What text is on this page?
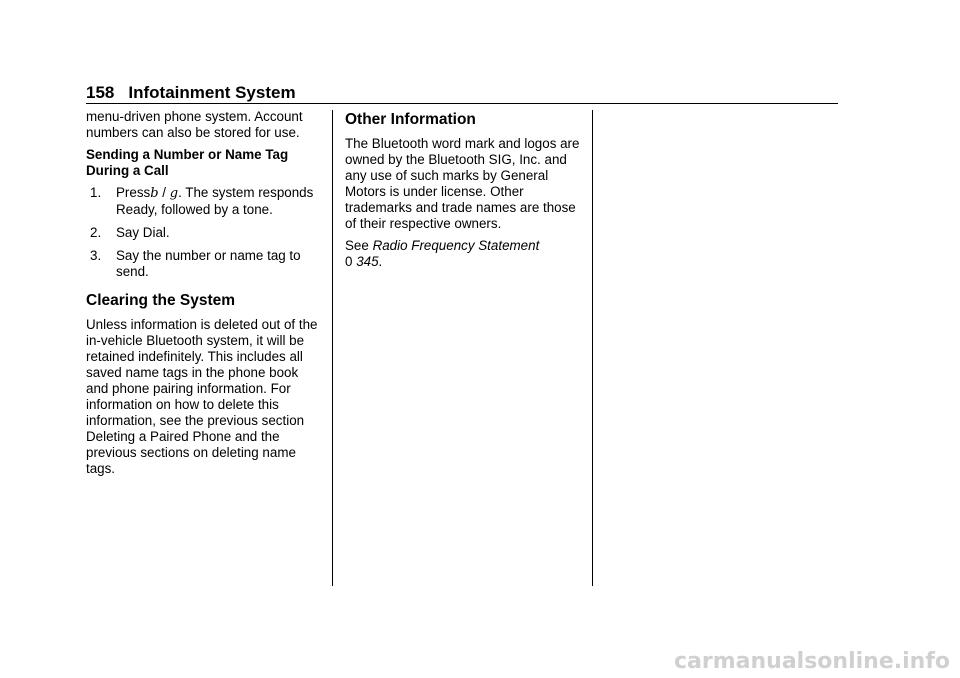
158 Infotainment System

menu-driven phone system. Account numbers can also be stored for use.

Sending a Number or Name Tag During a Call

1. Pressb / g. The system responds Ready, followed by a tone.
2. Say Dial.
3. Say the number or name tag to send.

Clearing the System

Unless information is deleted out of the in-vehicle Bluetooth system, it will be retained indefinitely. This includes all saved name tags in the phone book and phone pairing information. For information on how to delete this information, see the previous section Deleting a Paired Phone and the previous sections on deleting name tags.

Other Information

The Bluetooth word mark and logos are owned by the Bluetooth SIG, Inc. and any use of such marks by General Motors is under license. Other trademarks and trade names are those of their respective owners.

See Radio Frequency Statement
0 345.

carmanualsonline.info
